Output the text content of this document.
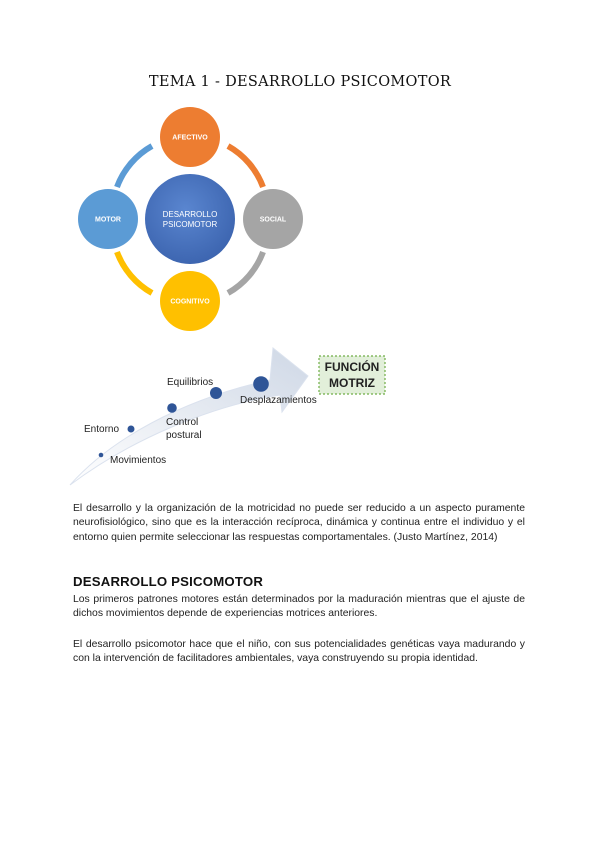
TEMA 1 - DESARROLLO PSICOMOTOR
DESARROLLO
PSICOMOTOR
AFECTIVO
SOCIAL
COGNITIVO
MOTOR
Movimientos
Entorno
Control
postural
Equilibrios
Desplazamientos
FUNCIÓN
MOTRIZ

El desarrollo y la organización de la motricidad no puede ser reducido a un aspecto puramente neurofisiológico, sino que es la interacción recíproca, dinámica y continua entre el individuo y el entorno quien permite seleccionar las respuestas comportamentales. (Justo Martínez, 2014)

DESARROLLO PSICOMOTOR

Los primeros patrones motores están determinados por la maduración mientras que el ajuste de dichos movimientos depende de experiencias motrices anteriores.

El desarrollo psicomotor hace que el niño, con sus potencialidades genéticas vaya madurando y con la intervención de facilitadores ambientales, vaya construyendo su propia identidad.
